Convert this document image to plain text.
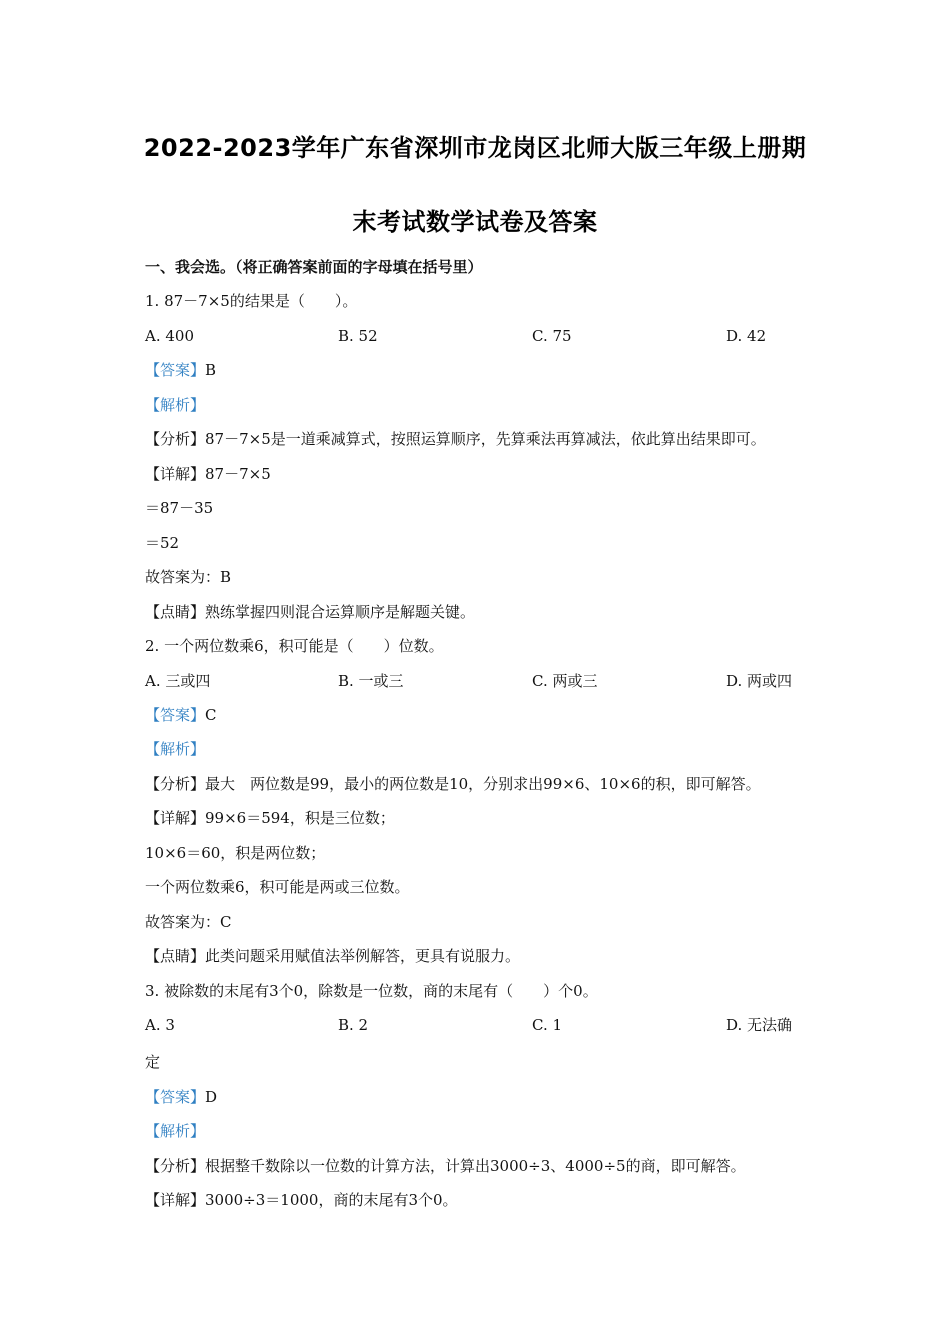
2022-2023学年广东省深圳市龙岗区北师大版三年级上册期
末考试数学试卷及答案
一、我会选。（将正确答案前面的字母填在括号里）
1. 87－7×5的结果是（　　）。
A. 400	B. 52	C. 75	D. 42
【答案】B
【解析】
【分析】87－7×5是一道乘减算式，按照运算顺序，先算乘法再算减法，依此算出结果即可。
【详解】87－7×5
＝87－35
＝52
故答案为：B
【点睛】熟练掌握四则混合运算顺序是解题关键。
2. 一个两位数乘6，积可能是（　　）位数。
A. 三或四	B. 一或三	C. 两或三	D. 两或四
【答案】C
【解析】
【分析】最大　两位数是99，最小的两位数是10，分别求出99×6、10×6的积，即可解答。
【详解】99×6＝594，积是三位数；
10×6＝60，积是两位数；
一个两位数乘6，积可能是两或三位数。
故答案为：C
【点睛】此类问题采用赋值法举例解答，更具有说服力。
3. 被除数的末尾有3个0，除数是一位数，商的末尾有（　　）个0。
A. 3	B. 2	C. 1	D. 无法确
定
【答案】D
【解析】
【分析】根据整千数除以一位数的计算方法，计算出3000÷3、4000÷5的商，即可解答。
【详解】3000÷3＝1000，商的末尾有3个0。
